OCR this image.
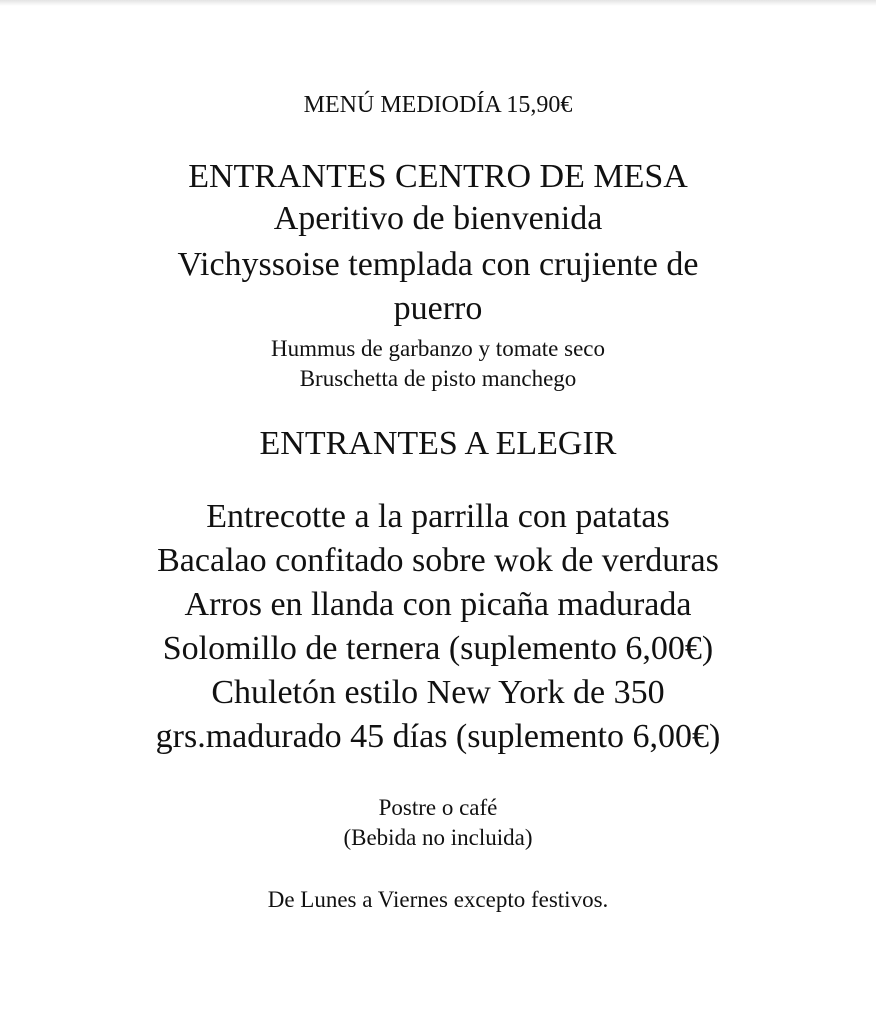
MENÚ MEDIODÍA 15,90€
ENTRANTES CENTRO DE MESA
Aperitivo de bienvenida
Vichyssoise templada con crujiente de
puerro
Hummus de garbanzo y tomate seco
Bruschetta de pisto manchego
ENTRANTES A ELEGIR
Entrecotte a la parrilla con patatas
Bacalao confitado sobre wok de verduras
Arros en llanda con picaña madurada
Solomillo de ternera (suplemento 6,00€)
Chuletón estilo New York de 350
grs.madurado 45 días (suplemento 6,00€)
Postre o café
(Bebida no incluida)
De Lunes a Viernes excepto festivos.
